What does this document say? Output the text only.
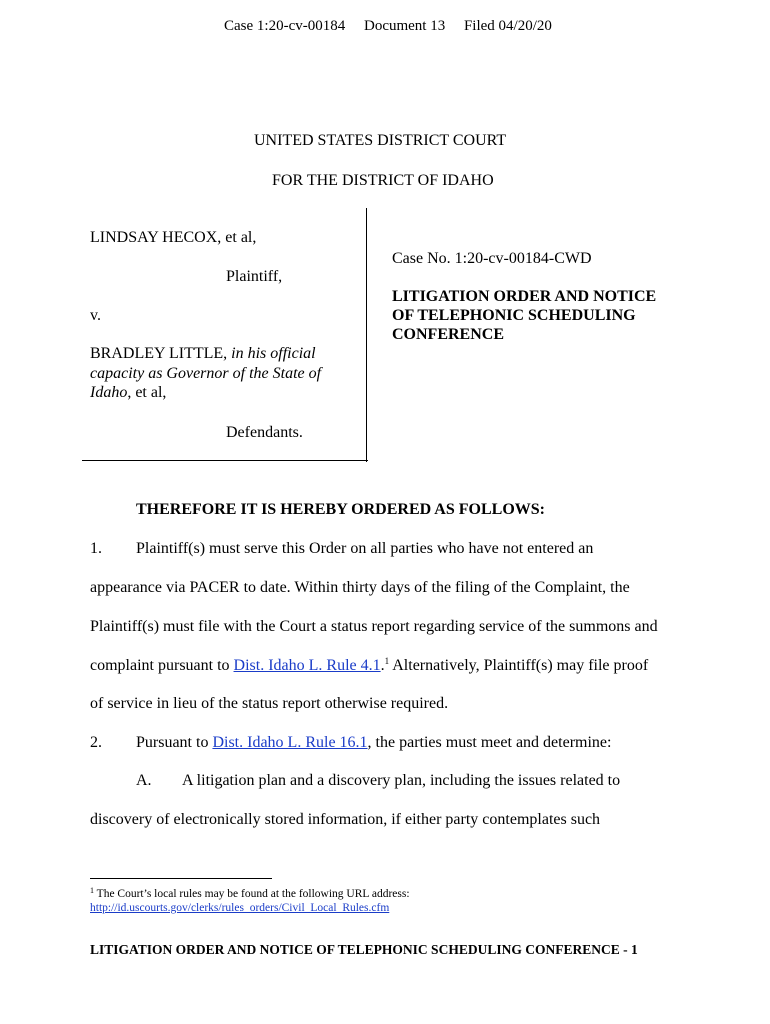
Case 1:20-cv-00184 Document 13 Filed 04/20/20
UNITED STATES DISTRICT COURT
FOR THE DISTRICT OF IDAHO
LINDSAY HECOX, et al,
Plaintiff,
v.
BRADLEY LITTLE, in his official
capacity as Governor of the State of
Idaho, et al,
Defendants.
Case No. 1:20-cv-00184-CWD
LITIGATION ORDER AND NOTICE
OF TELEPHONIC SCHEDULING
CONFERENCE
THEREFORE IT IS HEREBY ORDERED AS FOLLOWS:
1. Plaintiff(s) must serve this Order on all parties who have not entered an
appearance via PACER to date. Within thirty days of the filing of the Complaint, the
Plaintiff(s) must file with the Court a status report regarding service of the summons and
complaint pursuant to Dist. Idaho L. Rule 4.1.$^1$ Alternatively, Plaintiff(s) may file proof
of service in lieu of the status report otherwise required.
2. Pursuant to Dist. Idaho L. Rule 16.1, the parties must meet and determine:
A. A litigation plan and a discovery plan, including the issues related to
discovery of electronically stored information, if either party contemplates such
$^1$ The Court’s local rules may be found at the following URL address:
http://id.uscourts.gov/clerks/rules_orders/Civil_Local_Rules.cfm
LITIGATION ORDER AND NOTICE OF TELEPHONIC SCHEDULING CONFERENCE - 1
